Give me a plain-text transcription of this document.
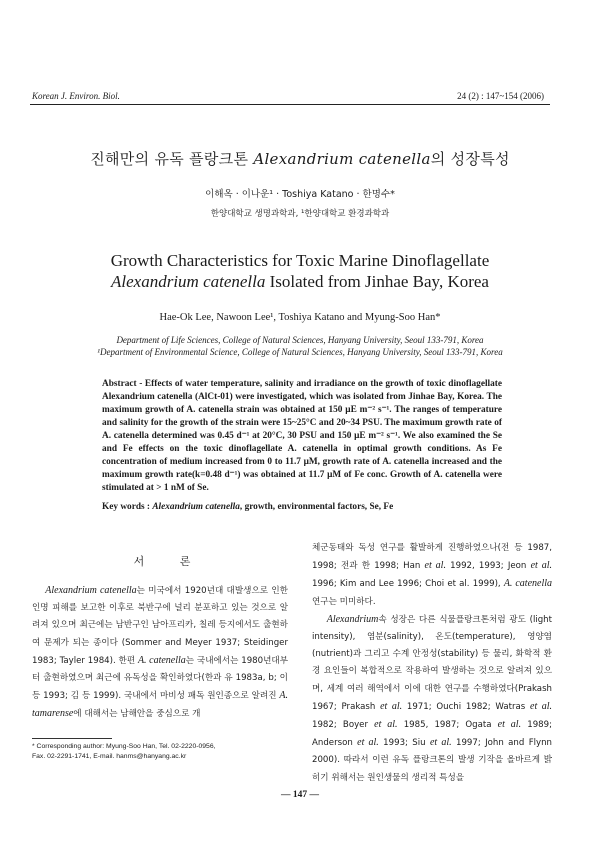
Korean J. Environ. Biol.	24 (2) : 147~154 (2006)
진해만의 유독 플랑크톤 Alexandrium catenella의 성장특성
이해옥 · 이나운¹ · Toshiya Katano · 한명수*
한양대학교 생명과학과, ¹한양대학교 환경과학과
Growth Characteristics for Toxic Marine Dinoflagellate
Alexandrium catenella Isolated from Jinhae Bay, Korea
Hae-Ok Lee, Nawoon Lee¹, Toshiya Katano and Myung-Soo Han*
Department of Life Sciences, College of Natural Sciences, Hanyang University, Seoul 133-791, Korea
¹Department of Environmental Science, College of Natural Sciences, Hanyang University, Seoul 133-791, Korea
Abstract - Effects of water temperature, salinity and irradiance on the growth of toxic dinoflagellate Alexandrium catenella (AlCt-01) were investigated, which was isolated from Jinhae Bay, Korea. The maximum growth of A. catenella strain was obtained at 150 μE m⁻² s⁻¹. The ranges of temperature and salinity for the growth of the strain were 15~25°C and 20~34 PSU. The maximum growth rate of A. catenella determined was 0.45 d⁻¹ at 20°C, 30 PSU and 150 μE m⁻² s⁻¹. We also examined the Se and Fe effects on the toxic dinoflagellate A. catenella in optimal growth conditions. As Fe concentration of medium increased from 0 to 11.7 μM, growth rate of A. catenella increased and the maximum growth rate(k=0.48 d⁻¹) was obtained at 11.7 μM of Fe conc. Growth of A. catenella were stimulated at > 1 nM of Se.
Key words : Alexandrium catenella, growth, environmental factors, Se, Fe
서 론
Alexandrium catenella는 미국에서 1920년대 대발생으로 인한 인명 피해를 보고한 이후로 북반구에 널리 분포하고 있는 것으로 알려져 있으며 최근에는 남반구인 남아프리카, 칠레 등지에서도 출현하여 문제가 되는 종이다 (Sommer and Meyer 1937; Steidinger 1983; Tayler 1984). 한편 A. catenella는 국내에서는 1980년대부터 출현하였으며 최근에 유독성을 확인하였다(한과 유 1983a, b; 이 등 1993; 김 등 1999). 국내에서 마비성 패독 원인종으로 알려진 A. tamarense에 대해서는 남해안을 중심으로 개
체군동태와 독성 연구를 활발하게 진행하였으나(전 등 1987, 1998; 전과 한 1998; Han et al. 1992, 1993; Jeon et al. 1996; Kim and Lee 1996; Choi et al. 1999), A. catenella 연구는 미미하다.
Alexandrium속 성장은 다른 식물플랑크톤처럼 광도 (light intensity), 염분(salinity), 온도(temperature), 영양염 (nutrient)과 그리고 수계 안정성(stability) 등 물리, 화학적 환경 요인들이 복합적으로 작용하여 발생하는 것으로 알려져 있으며, 세계 여러 해역에서 이에 대한 연구를 수행하였다(Prakash 1967; Prakash et al. 1971; Ouchi 1982; Watras et al. 1982; Boyer et al. 1985, 1987; Ogata et al. 1989; Anderson et al. 1993; Siu et al. 1997; John and Flynn 2000). 따라서 이런 유독 플랑크톤의 발생 기작을 올바르게 밝히기 위해서는 원인생물의 생리적 특성을
* Corresponding author: Myung-Soo Han, Tel. 02-2220-0956,
Fax. 02-2291-1741, E-mail. hanms@hanyang.ac.kr
— 147 —
